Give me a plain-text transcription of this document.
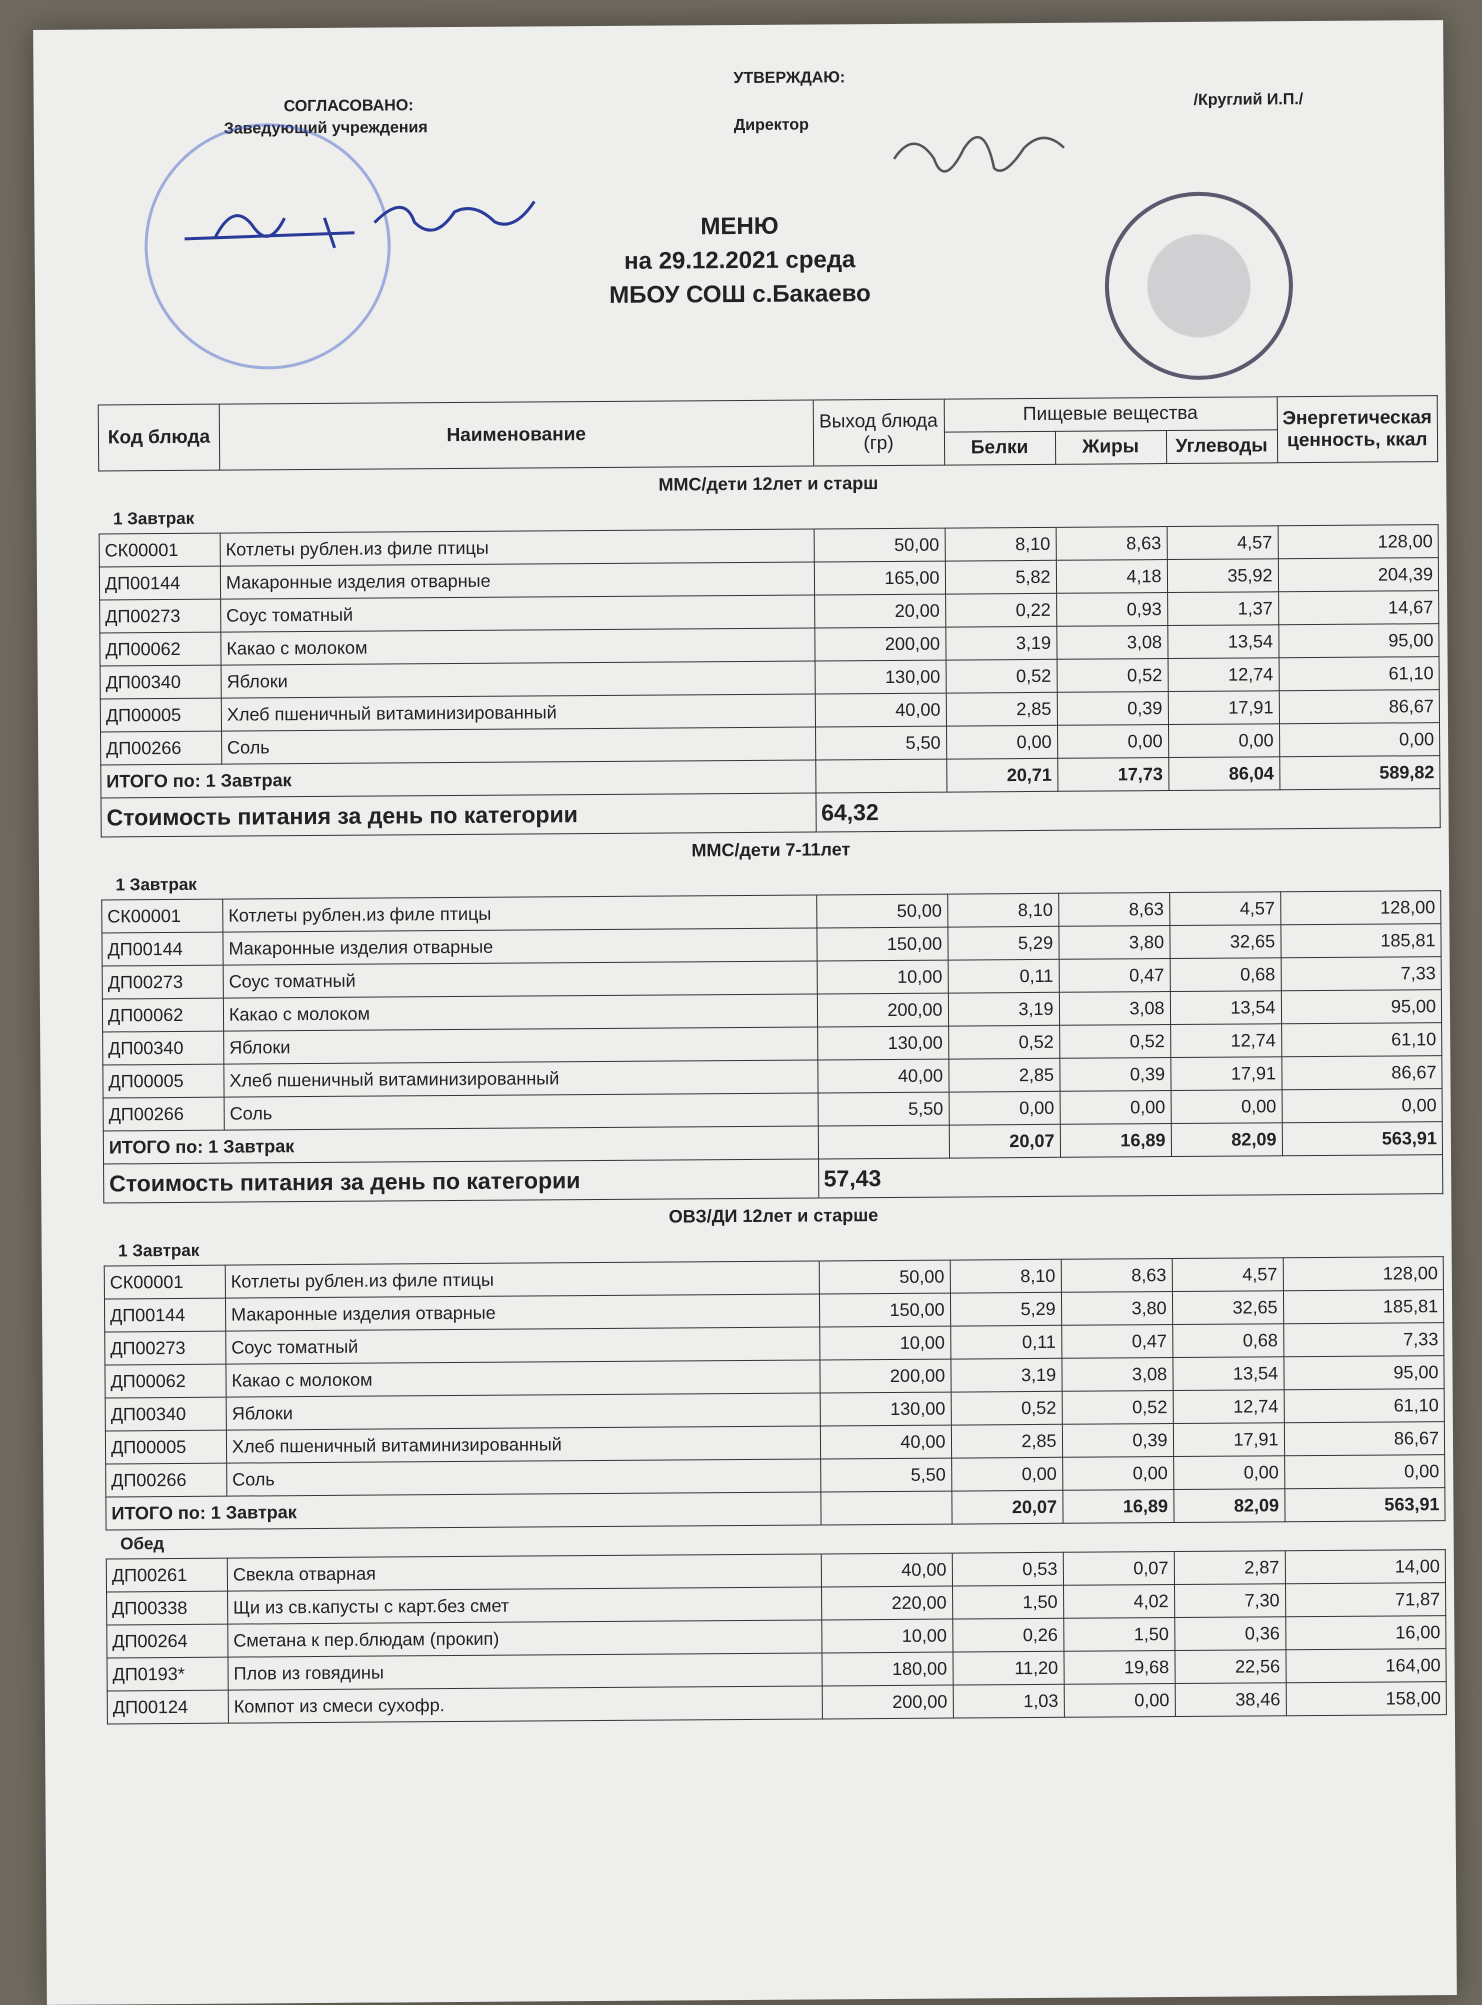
СОГЛАСОВАНО:
Заведующий учреждения
УТВЕРЖДАЮ:
Директор
/Круглий И.П./
МЕНЮ
на 29.12.2021 среда
МБОУ СОШ с.Бакаево
Код блюда	Наименование	Выход блюда (гр)	Пищевые вещества			Энергетическая ценность, ккал
			Белки	Жиры	Углеводы	
ММС/дети 12лет и старш						
1 Завтрак						
СК00001	Котлеты рублен.из филе птицы	50,00	8,10	8,63	4,57	128,00
ДП00144	Макаронные изделия отварные	165,00	5,82	4,18	35,92	204,39
ДП00273	Соус томатный	20,00	0,22	0,93	1,37	14,67
ДП00062	Какао с молоком	200,00	3,19	3,08	13,54	95,00
ДП00340	Яблоки	130,00	0,52	0,52	12,74	61,10
ДП00005	Хлеб пшеничный витаминизированный	40,00	2,85	0,39	17,91	86,67
ДП00266	Соль	5,50	0,00	0,00	0,00	0,00
ИТОГО по: 1 Завтрак			20,71	17,73	86,04	589,82
Стоимость питания за день по категории		64,32				
ММС/дети 7-11лет						
1 Завтрак						
СК00001	Котлеты рублен.из филе птицы	50,00	8,10	8,63	4,57	128,00
ДП00144	Макаронные изделия отварные	150,00	5,29	3,80	32,65	185,81
ДП00273	Соус томатный	10,00	0,11	0,47	0,68	7,33
ДП00062	Какао с молоком	200,00	3,19	3,08	13,54	95,00
ДП00340	Яблоки	130,00	0,52	0,52	12,74	61,10
ДП00005	Хлеб пшеничный витаминизированный	40,00	2,85	0,39	17,91	86,67
ДП00266	Соль	5,50	0,00	0,00	0,00	0,00
ИТОГО по: 1 Завтрак			20,07	16,89	82,09	563,91
Стоимость питания за день по категории		57,43				
ОВЗ/ДИ 12лет и старше						
1 Завтрак						
СК00001	Котлеты рублен.из филе птицы	50,00	8,10	8,63	4,57	128,00
ДП00144	Макаронные изделия отварные	150,00	5,29	3,80	32,65	185,81
ДП00273	Соус томатный	10,00	0,11	0,47	0,68	7,33
ДП00062	Какао с молоком	200,00	3,19	3,08	13,54	95,00
ДП00340	Яблоки	130,00	0,52	0,52	12,74	61,10
ДП00005	Хлеб пшеничный витаминизированный	40,00	2,85	0,39	17,91	86,67
ДП00266	Соль	5,50	0,00	0,00	0,00	0,00
ИТОГО по: 1 Завтрак			20,07	16,89	82,09	563,91
Обед						
ДП00261	Свекла отварная	40,00	0,53	0,07	2,87	14,00
ДП00338	Щи из св.капусты с карт.без смет	220,00	1,50	4,02	7,30	71,87
ДП00264	Сметана к пер.блюдам (прокип)	10,00	0,26	1,50	0,36	16,00
ДП0193*	Плов из говядины	180,00	11,20	19,68	22,56	164,00
ДП00124	Компот из смеси сухофр.	200,00	1,03	0,00	38,46	158,00
